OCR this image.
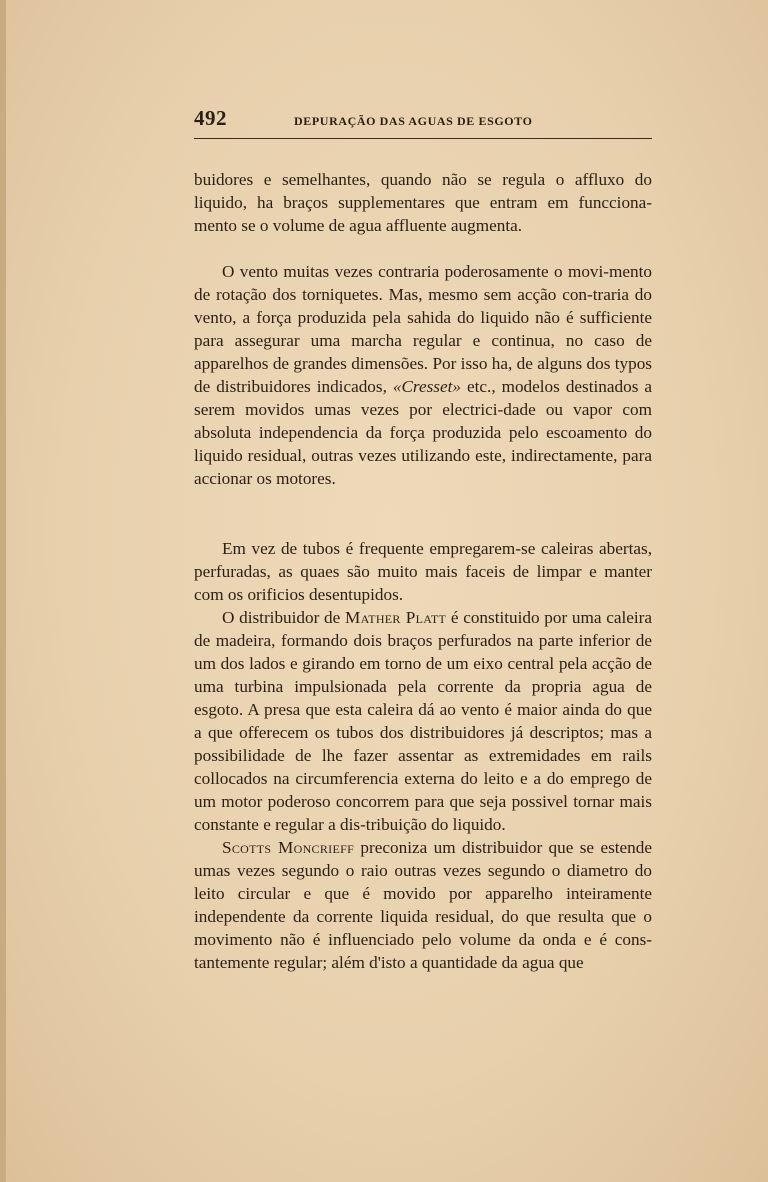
492	DEPURAÇÃO DAS AGUAS DE ESGOTO

buidores e semelhantes, quando não se regula o affluxo do liquido, ha braços supplementares que entram em funcciona-mento se o volume de agua affluente augmenta.

O vento muitas vezes contraria poderosamente o movi-mento de rotação dos torniquetes. Mas, mesmo sem acção con-traria do vento, a força produzida pela sahida do liquido não é sufficiente para assegurar uma marcha regular e continua, no caso de apparelhos de grandes dimensões. Por isso ha, de alguns dos typos de distribuidores indicados, «Cresset» etc., modelos destinados a serem movidos umas vezes por electrici-dade ou vapor com absoluta independencia da força produzida pelo escoamento do liquido residual, outras vezes utilizando este, indirectamente, para accionar os motores.

Em vez de tubos é frequente empregarem-se caleiras abertas, perfuradas, as quaes são muito mais faceis de limpar e manter com os orificios desentupidos.

O distribuidor de Mather Platt é constituido por uma caleira de madeira, formando dois braços perfurados na parte inferior de um dos lados e girando em torno de um eixo central pela acção de uma turbina impulsionada pela corrente da propria agua de esgoto. A presa que esta caleira dá ao vento é maior ainda do que a que offerecem os tubos dos distribuidores já descriptos; mas a possibilidade de lhe fazer assentar as extremidades em rails collocados na circumferencia externa do leito e a do emprego de um motor poderoso concorrem para que seja possivel tornar mais constante e regular a dis-tribuição do liquido.

Scotts Moncrieff preconiza um distribuidor que se estende umas vezes segundo o raio outras vezes segundo o diametro do leito circular e que é movido por apparelho inteiramente independente da corrente liquida residual, do que resulta que o movimento não é influenciado pelo volume da onda e é cons-tantemente regular; além d'isto a quantidade da agua que
